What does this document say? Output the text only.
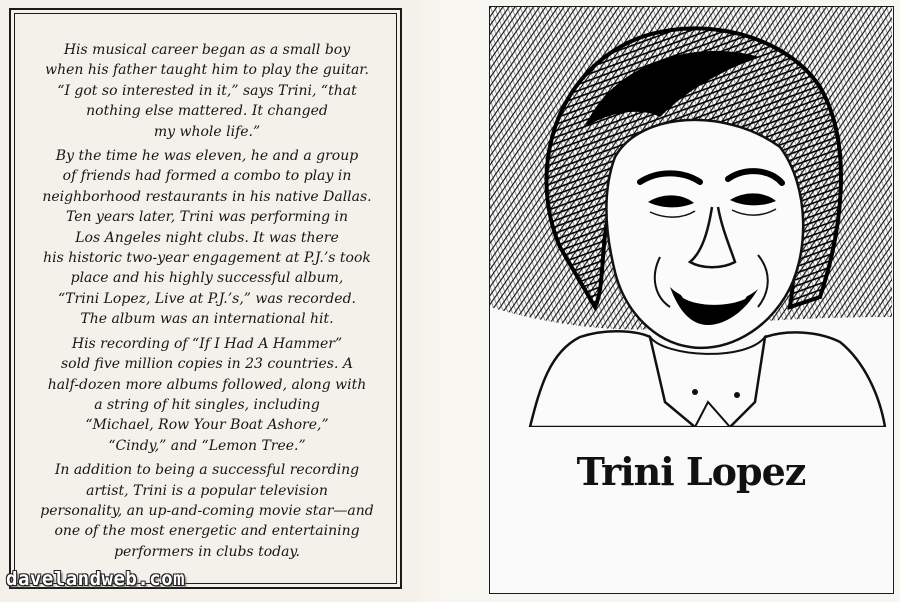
His musical career began as a small boy
when his father taught him to play the guitar.
“I got so interested in it,” says Trini, “that
nothing else mattered. It changed
my whole life.”

By the time he was eleven, he and a group
of friends had formed a combo to play in
neighborhood restaurants in his native Dallas.
Ten years later, Trini was performing in
Los Angeles night clubs. It was there
his historic two-year engagement at P.J.’s took
place and his highly successful album,
“Trini Lopez, Live at P.J.’s,” was recorded.
The album was an international hit.

His recording of “If I Had A Hammer”
sold five million copies in 23 countries. A
half-dozen more albums followed, along with
a string of hit singles, including
“Michael, Row Your Boat Ashore,”
“Cindy,” and “Lemon Tree.”

In addition to being a successful recording
artist, Trini is a popular television
personality, an up-and-coming movie star—and
one of the most energetic and entertaining
performers in clubs today.

davelandweb.com
Trini Lopez
